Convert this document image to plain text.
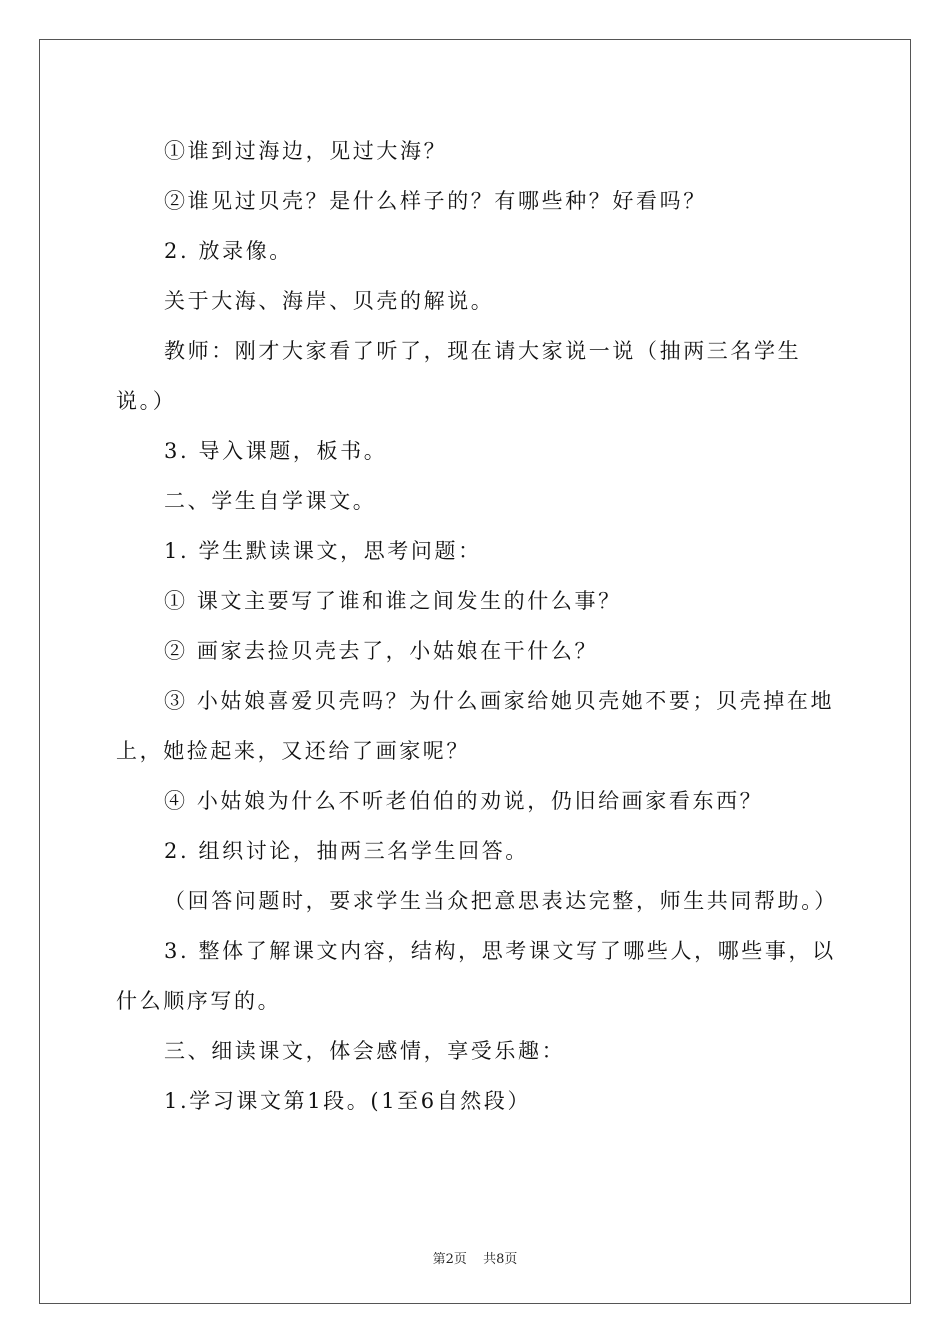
①谁到过海边，见过大海？

②谁见过贝壳？是什么样子的？有哪些种？好看吗？

2. 放录像。

关于大海、海岸、贝壳的解说。

教师：刚才大家看了听了，现在请大家说一说（抽两三名学生说。）

3. 导入课题，板书。

二、学生自学课文。

1. 学生默读课文，思考问题：

① 课文主要写了谁和谁之间发生的什么事？

② 画家去捡贝壳去了，小姑娘在干什么？

③ 小姑娘喜爱贝壳吗？为什么画家给她贝壳她不要；贝壳掉在地上，她捡起来，又还给了画家呢？

④ 小姑娘为什么不听老伯伯的劝说，仍旧给画家看东西？

2. 组织讨论，抽两三名学生回答。

（回答问题时，要求学生当众把意思表达完整，师生共同帮助。）

3. 整体了解课文内容，结构，思考课文写了哪些人，哪些事，以什么顺序写的。

三、细读课文，体会感情，享受乐趣：

1.学习课文第1段。(1至6自然段）

第2页 共8页
